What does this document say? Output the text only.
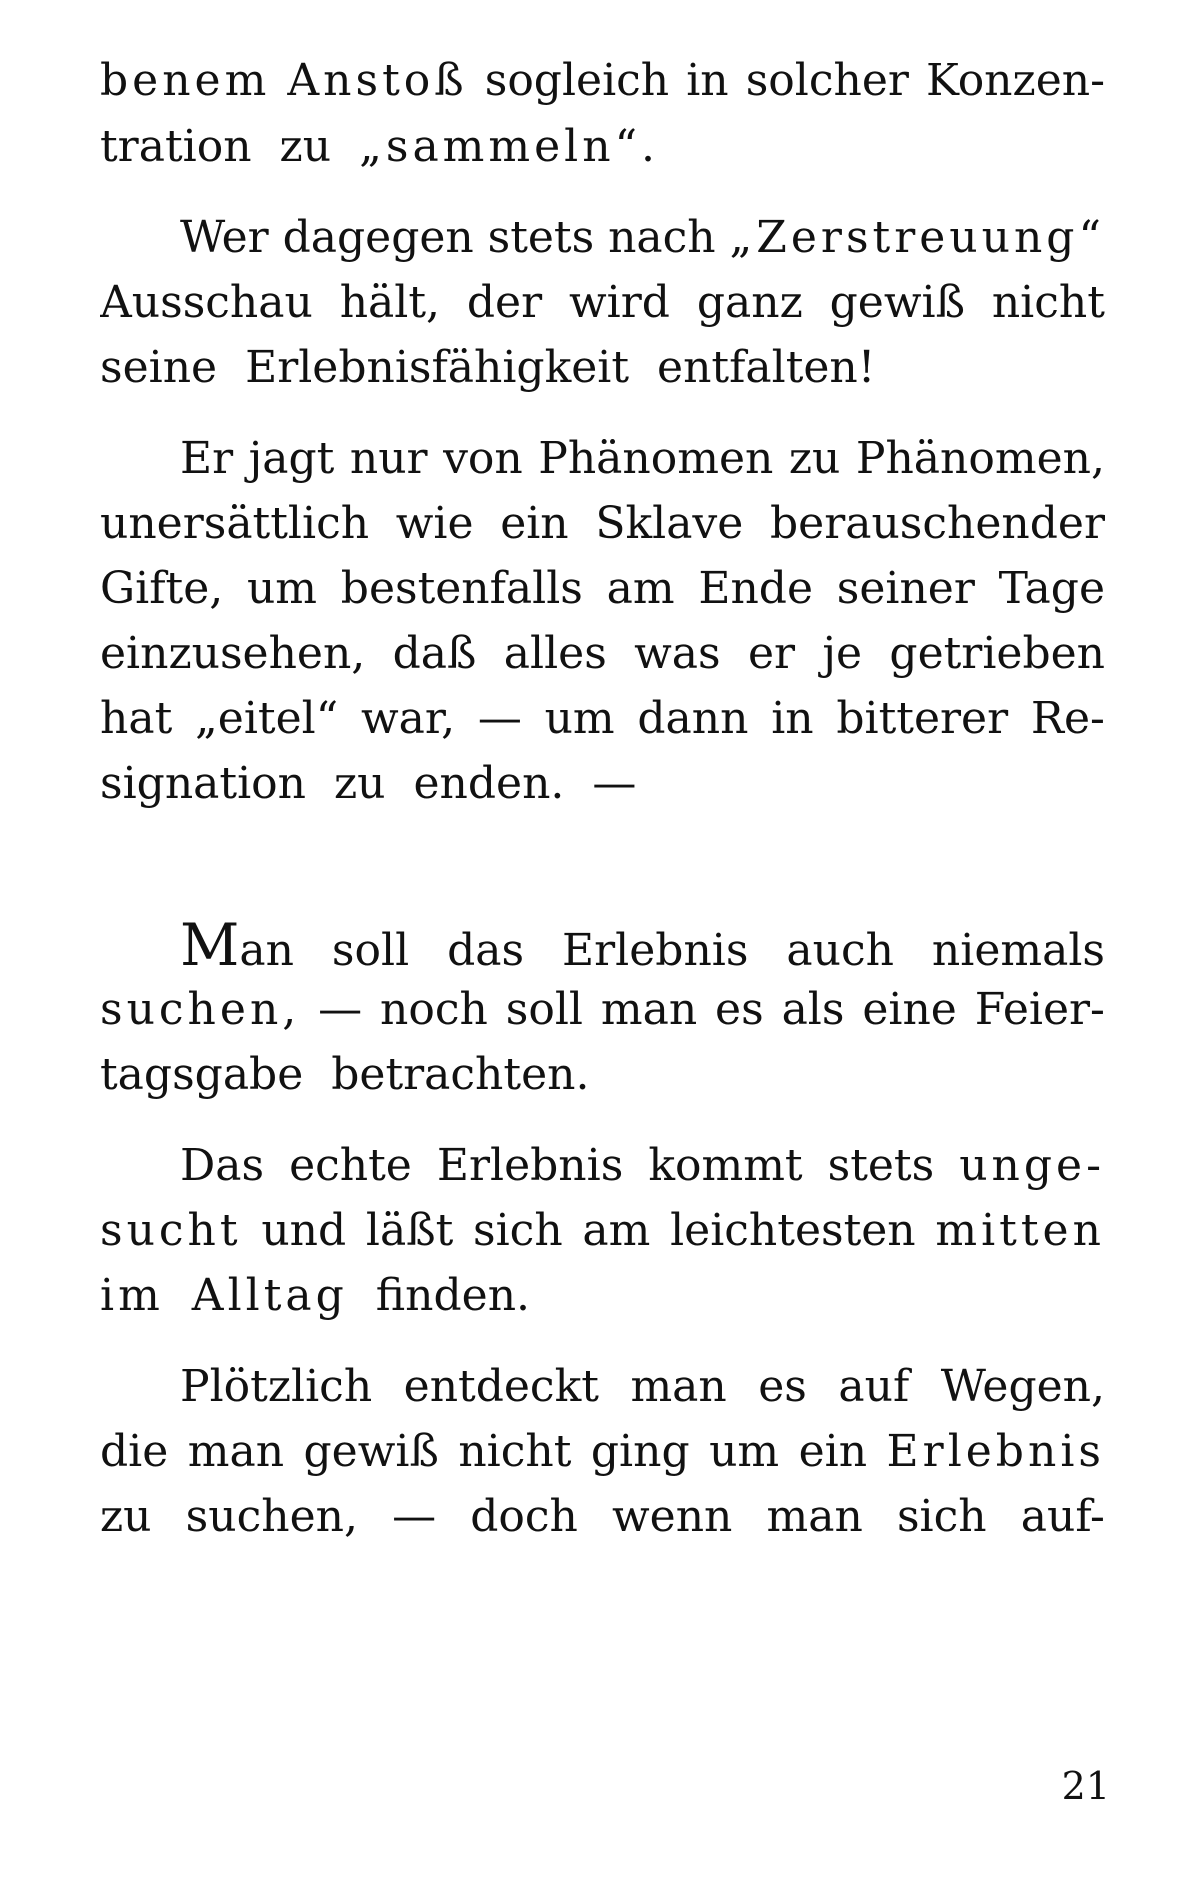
benem Anstoß sogleich in solcher Konzen-
tration zu „sammeln“.
Wer dagegen stets nach „Zerstreuung“
Ausschau hält, der wird ganz gewiß nicht
seine Erlebnisfähigkeit entfalten!
Er jagt nur von Phänomen zu Phänomen,
unersättlich wie ein Sklave berauschender
Gifte, um bestenfalls am Ende seiner Tage
einzusehen, daß alles was er je getrieben
hat „eitel“ war, — um dann in bitterer Re-
signation zu enden. —
Man soll das Erlebnis auch niemals
suchen, — noch soll man es als eine Feier-
tagsgabe betrachten.
Das echte Erlebnis kommt stets unge-
sucht und läßt sich am leichtesten mitten
im Alltag finden.
Plötzlich entdeckt man es auf Wegen,
die man gewiß nicht ging um ein Erlebnis
zu suchen, — doch wenn man sich auf-
21
